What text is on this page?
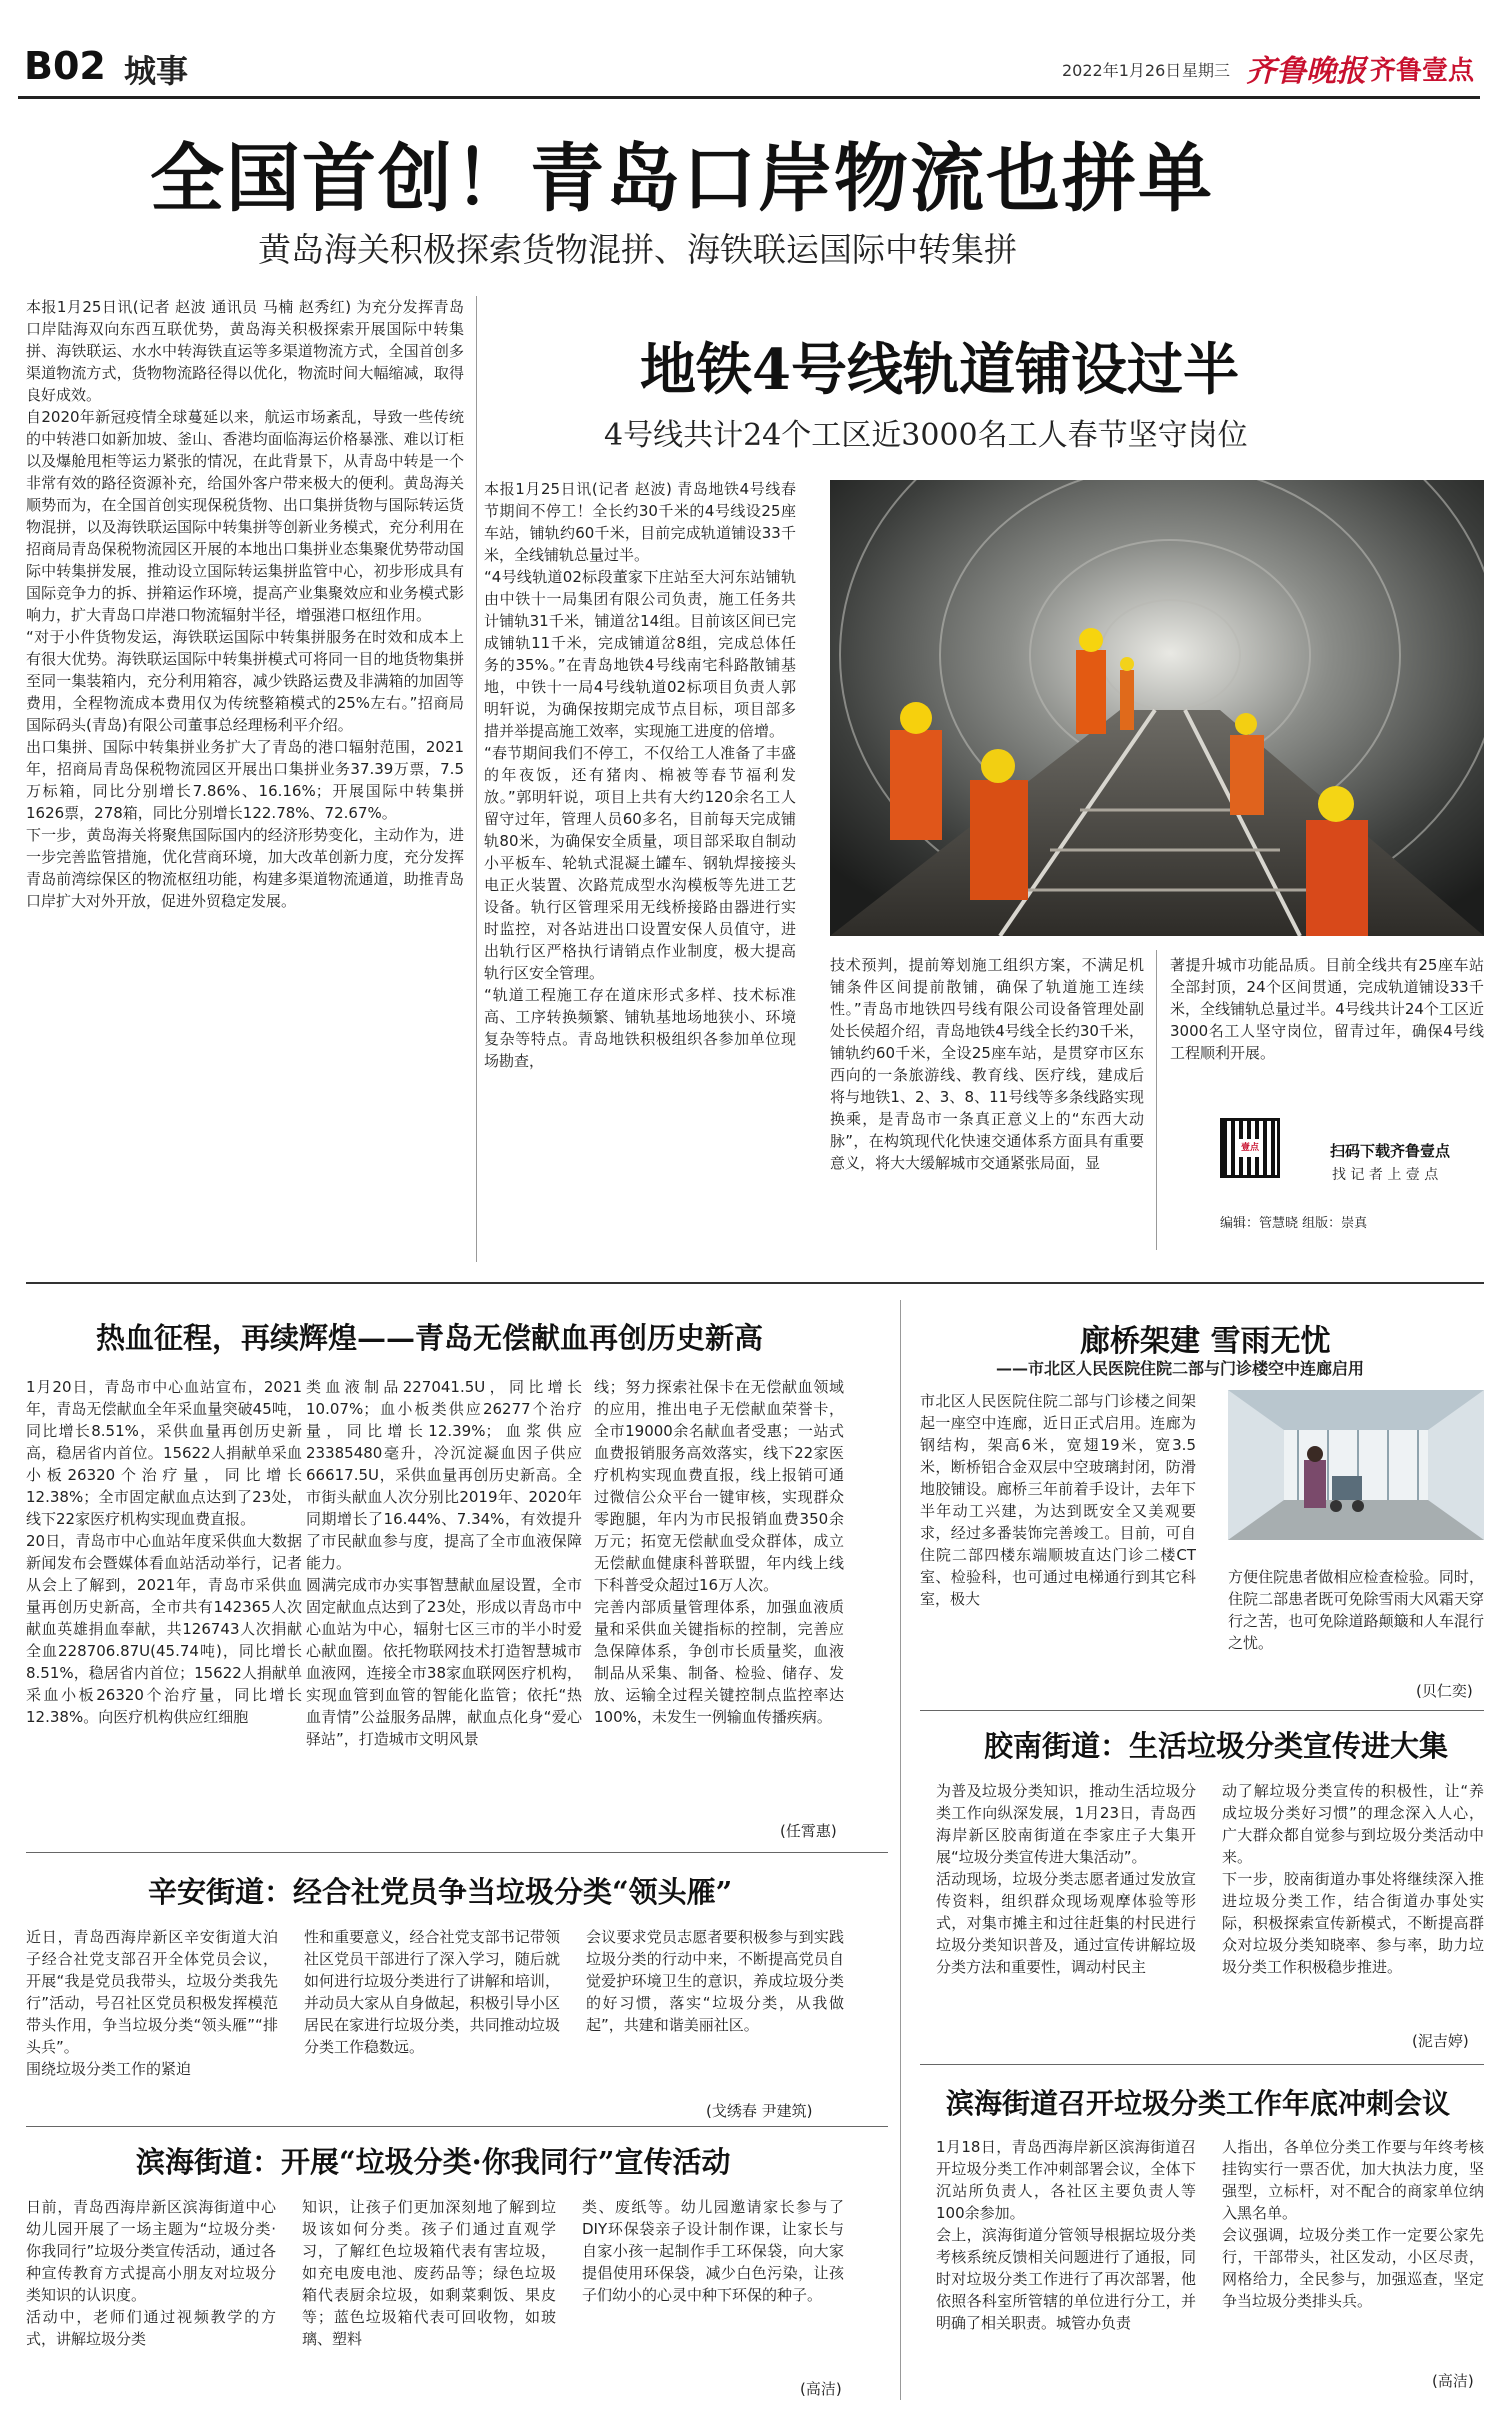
B02 城事	2022年1月26日 星期三 齐鲁晚报 齐鲁壹点
全国首创！青岛口岸物流也拼单
黄岛海关积极探索货物混拼、海铁联运国际中转集拼
本报1月25日讯(记者 赵波 通讯员 马楠 赵秀红) 为充分发挥青岛口岸陆海双向东西互联优势，黄岛海关积极探索开展国际中转集拼、海铁联运、水水中转海铁直运等多渠道物流方式，全国首创多渠道物流方式，货物物流路径得以优化，物流时间大幅缩减，取得良好成效。
自2020年新冠疫情全球蔓延以来，航运市场紊乱，导致一些传统的中转港口如新加坡、釜山、香港均面临海运价格暴涨、难以订柜以及爆舱甩柜等运力紧张的情况，在此背景下，从青岛中转是一个非常有效的路径资源补充，给国外客户带来极大的便利。黄岛海关顺势而为，在全国首创实现保税货物、出口集拼货物与国际转运货物混拼，以及海铁联运国际中转集拼等创新业务模式，充分利用在招商局青岛保税物流园区开展的本地出口集拼业态集聚优势带动国际中转集拼发展，推动设立国际转运集拼监管中心，初步形成具有国际竞争力的拆、拼箱运作环境，提高产业集聚效应和业务模式影响力，扩大青岛口岸港口物流辐射半径，增强港口枢纽作用。
“对于小件货物发运，海铁联运国际中转集拼服务在时效和成本上有很大优势。海铁联运国际中转集拼模式可将同一目的地货物集拼至同一集装箱内，充分利用箱容，减少铁路运费及非满箱的加固等费用，全程物流成本费用仅为传统整箱模式的25%左右。”招商局国际码头(青岛)有限公司董事总经理杨利平介绍。
出口集拼、国际中转集拼业务扩大了青岛的港口辐射范围，2021年，招商局青岛保税物流园区开展出口集拼业务37.39万票，7.5万标箱，同比分别增长7.86%、16.16%；开展国际中转集拼1626票，278箱，同比分别增长122.78%、72.67%。
下一步，黄岛海关将聚焦国际国内的经济形势变化，主动作为，进一步完善监管措施，优化营商环境，加大改革创新力度，充分发挥青岛前湾综保区的物流枢纽功能，构建多渠道物流通道，助推青岛口岸扩大对外开放，促进外贸稳定发展。
地铁4号线轨道铺设过半
4号线共计24个工区近3000名工人春节坚守岗位
本报1月25日讯(记者 赵波) 青岛地铁4号线春节期间不停工！全长约30千米的4号线设25座车站，铺轨约60千米，目前完成轨道铺设33千米，全线铺轨总量过半。
“4号线轨道02标段董家下庄站至大河东站铺轨由中铁十一局集团有限公司负责，施工任务共计铺轨31千米，铺道岔14组。目前该区间已完成铺轨11千米，完成铺道岔8组，完成总体任务的35%。”在青岛地铁4号线南宅科路散铺基地，中铁十一局4号线轨道02标项目负责人郭明轩说，为确保按期完成节点目标，项目部多措并举提高施工效率，实现施工进度的倍增。
“春节期间我们不停工，不仅给工人准备了丰盛的年夜饭，还有猪肉、棉被等春节福利发放。”郭明轩说，项目上共有大约120余名工人留守过年，管理人员60多名，目前每天完成铺轨80米，为确保安全质量，项目部采取自制动小平板车、轮轨式混凝土罐车、钢轨焊接接头电正火装置、次路荒成型水沟模板等先进工艺设备。轨行区管理采用无线桥接路由器进行实时监控，对各站进出口设置安保人员值守，进出轨行区严格执行请销点作业制度，极大提高轨行区安全管理。
“轨道工程施工存在道床形式多样、技术标准高、工序转换频繁、铺轨基地场地狭小、环境复杂等特点。青岛地铁积极组织各参加单位现场勘查，
技术预判，提前筹划施工组织方案，不满足机铺条件区间提前散铺，确保了轨道施工连续性。”青岛市地铁四号线有限公司设备管理处副处长侯超介绍，青岛地铁4号线全长约30千米，铺轨约60千米，全设25座车站，是贯穿市区东西向的一条旅游线、教育线、医疗线，建成后将与地铁1、2、3、8、11号线等多条线路实现换乘，是青岛市一条真正意义上的“东西大动脉”，在构筑现代化快速交通体系方面具有重要意义，将大大缓解城市交通紧张局面，显
著提升城市功能品质。目前全线共有25座车站全部封顶，24个区间贯通，完成轨道铺设33千米，全线铺轨总量过半。4号线共计24个工区近3000名工人坚守岗位，留青过年，确保4号线工程顺利开展。
壹点	扫码下载齐鲁壹点
找 记 者 上 壹 点
编辑：管慧晓 组版：崇真
热血征程，再续辉煌——青岛无偿献血再创历史新高
1月20日，青岛市中心血站宣布，2021年，青岛无偿献血全年采血量突破45吨，同比增长8.51%，采供血量再创历史新高，稳居省内首位。15622人捐献单采血小板26320个治疗量，同比增长12.38%；全市固定献血点达到了23处，线下22家医疗机构实现血费直报。
20日，青岛市中心血站年度采供血大数据新闻发布会暨媒体看血站活动举行，记者从会上了解到，2021年，青岛市采供血量再创历史新高，全市共有142365人次献血英雄捐血奉献，共126743人次捐献全血228706.87U(45.74吨)，同比增长8.51%，稳居省内首位；15622人捐献单采血小板26320个治疗量，同比增长12.38%。向医疗机构供应红细胞
类血液制品227041.5U，同比增长10.07%；血小板类供应26277个治疗量，同比增长12.39%；血浆供应23385480毫升，冷沉淀凝血因子供应66617.5U，采供血量再创历史新高。全市街头献血人次分别比2019年、2020年同期增长了16.44%、7.34%，有效提升了市民献血参与度，提高了全市血液保障能力。
圆满完成市办实事智慧献血屋设置，全市固定献血点达到了23处，形成以青岛市中心血站为中心，辐射七区三市的半小时爱心献血圈。依托物联网技术打造智慧城市血液网，连接全市38家血联网医疗机构，实现血管到血管的智能化监管；依托“热血青情”公益服务品牌，献血点化身“爱心驿站”，打造城市文明风景
线；努力探索社保卡在无偿献血领域的应用，推出电子无偿献血荣誉卡，全市19000余名献血者受惠；一站式血费报销服务高效落实，线下22家医疗机构实现血费直报，线上报销可通过微信公众平台一键审核，实现群众零跑腿，年内为市民报销血费350余万元；拓宽无偿献血受众群体，成立无偿献血健康科普联盟，年内线上线下科普受众超过16万人次。
完善内部质量管理体系，加强血液质量和采供血关键指标的控制，完善应急保障体系，争创市长质量奖，血液制品从采集、制备、检验、储存、发放、运输全过程关键控制点监控率达100%，未发生一例输血传播疾病。
(任霄惠)
廊桥架建 雪雨无忧
——市北区人民医院住院二部与门诊楼空中连廊启用
市北区人民医院住院二部与门诊楼之间架起一座空中连廊，近日正式启用。连廊为钢结构，架高6米，宽翅19米，宽3.5米，断桥铝合金双层中空玻璃封闭，防滑地胶铺设。廊桥三年前着手设计，去年下半年动工兴建，为达到既安全又美观要求，经过多番装饰完善竣工。目前，可自住院二部四楼东端顺坡直达门诊二楼CT室、检验科，也可通过电梯通行到其它科室，极大
方便住院患者做相应检查检验。同时，住院二部患者既可免除雪雨大风霜天穿行之苦，也可免除道路颠簸和人车混行之忧。
(贝仁奕)
胶南街道：生活垃圾分类宣传进大集
为普及垃圾分类知识，推动生活垃圾分类工作向纵深发展，1月23日，青岛西海岸新区胶南街道在李家庄子大集开展“垃圾分类宣传进大集活动”。
活动现场，垃圾分类志愿者通过发放宣传资料，组织群众现场观摩体验等形式，对集市摊主和过往赶集的村民进行垃圾分类知识普及，通过宣传讲解垃圾分类方法和重要性，调动村民主
动了解垃圾分类宣传的积极性，让“养成垃圾分类好习惯”的理念深入人心，广大群众都自觉参与到垃圾分类活动中来。
下一步，胶南街道办事处将继续深入推进垃圾分类工作，结合街道办事处实际，积极探索宣传新模式，不断提高群众对垃圾分类知晓率、参与率，助力垃圾分类工作积极稳步推进。
(泥吉婷)
滨海街道召开垃圾分类工作年底冲刺会议
1月18日，青岛西海岸新区滨海街道召开垃圾分类工作冲刺部署会议，全体下沉站所负责人，各社区主要负责人等100余参加。
会上，滨海街道分管领导根据垃圾分类考核系统反馈相关问题进行了通报，同时对垃圾分类工作进行了再次部署，他依照各科室所管辖的单位进行分工，并明确了相关职责。城管办负责
人指出，各单位分类工作要与年终考核挂钩实行一票否优，加大执法力度，坚强型，立标杆，对不配合的商家单位纳入黑名单。
会议强调，垃圾分类工作一定要公家先行，干部带头，社区发动，小区尽责，网格给力，全民参与，加强巡查，坚定争当垃圾分类排头兵。
(高洁)
辛安街道：经合社党员争当垃圾分类“领头雁”
近日，青岛西海岸新区辛安街道大泊子经合社党支部召开全体党员会议，开展“我是党员我带头，垃圾分类我先行”活动，号召社区党员积极发挥模范带头作用，争当垃圾分类“领头雁”“排头兵”。
围绕垃圾分类工作的紧迫
性和重要意义，经合社党支部书记带领社区党员干部进行了深入学习，随后就如何进行垃圾分类进行了讲解和培训，并动员大家从自身做起，积极引导小区居民在家进行垃圾分类，共同推动垃圾分类工作稳数远。
会议要求党员志愿者要积极参与到实践垃圾分类的行动中来，不断提高党员自觉爱护环境卫生的意识，养成垃圾分类的好习惯，落实“垃圾分类，从我做起”，共建和谐美丽社区。
(戈绣春 尹建筑)
滨海街道：开展“垃圾分类·你我同行”宣传活动
日前，青岛西海岸新区滨海街道中心幼儿园开展了一场主题为“垃圾分类·你我同行”垃圾分类宣传活动，通过各种宣传教育方式提高小朋友对垃圾分类知识的认识度。
活动中，老师们通过视频教学的方式，讲解垃圾分类
知识，让孩子们更加深刻地了解到垃圾该如何分类。孩子们通过直观学习，了解红色垃圾箱代表有害垃圾，如充电废电池、废药品等；绿色垃圾箱代表厨余垃圾，如剩菜剩饭、果皮等；蓝色垃圾箱代表可回收物，如玻璃、塑料
类、废纸等。幼儿园邀请家长参与了DIY环保袋亲子设计制作课，让家长与自家小孩一起制作手工环保袋，向大家提倡使用环保袋，减少白色污染，让孩子们幼小的心灵中种下环保的种子。
(高洁)
